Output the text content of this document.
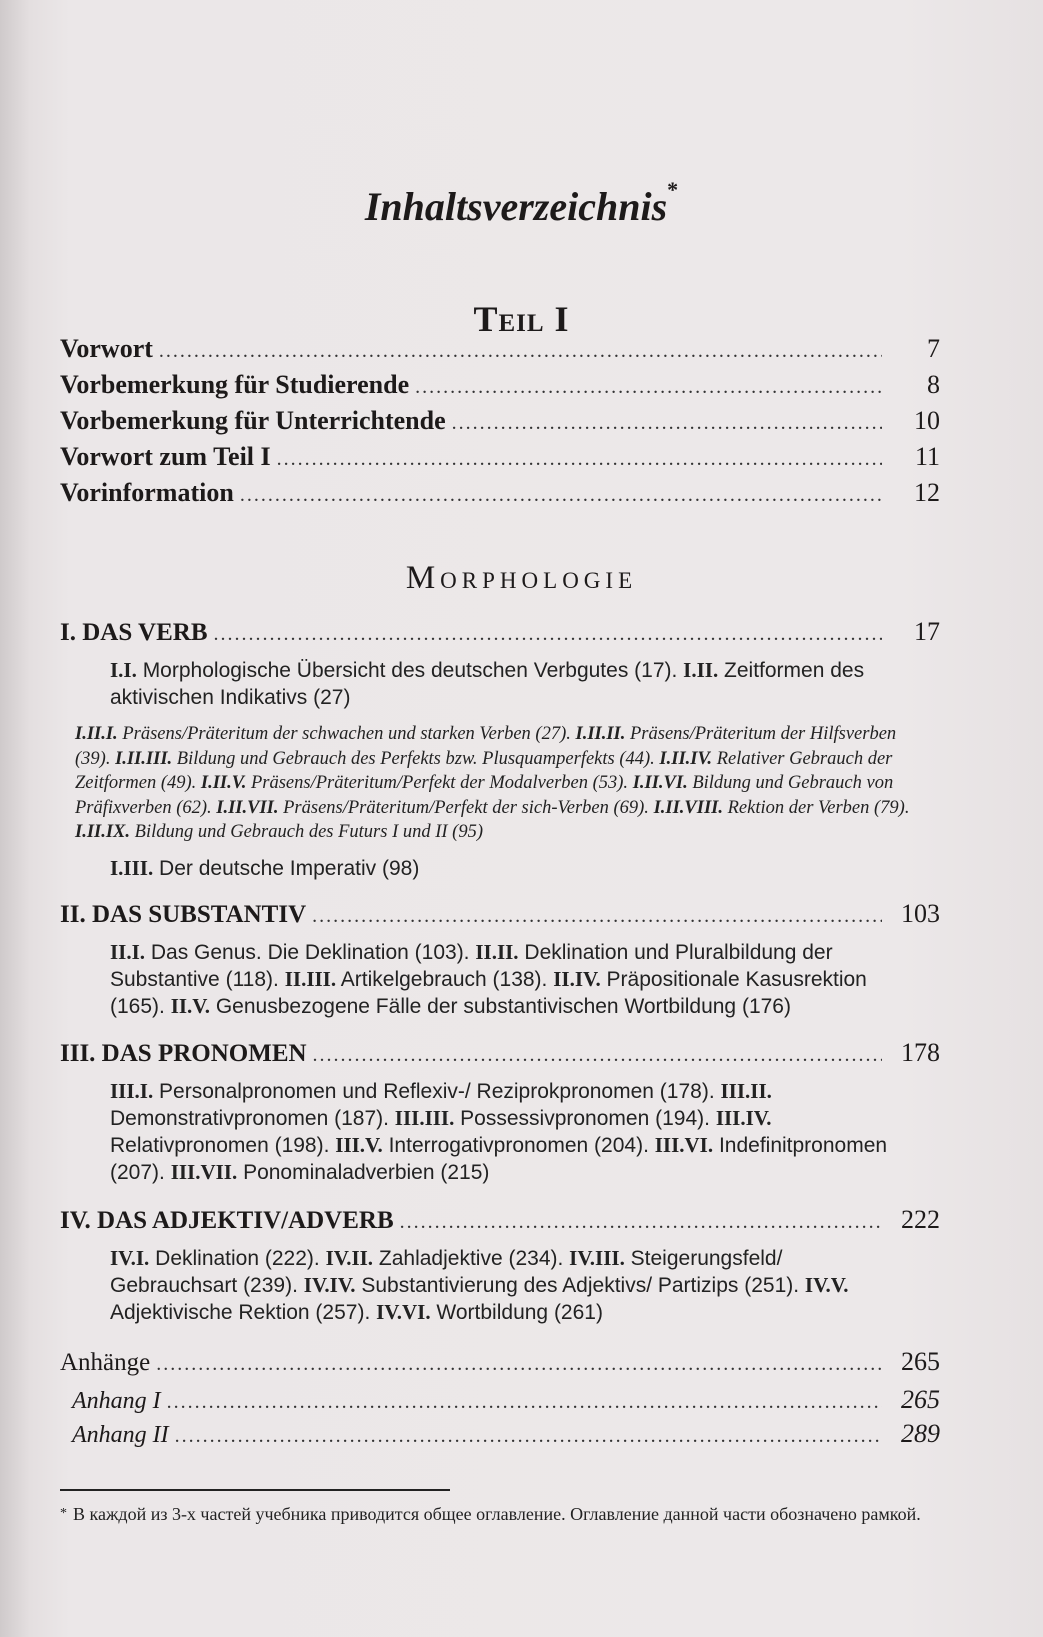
Inhaltsverzeichnis*
Teil I
Vorwort .....	7
Vorbemerkung für Studierende .....	8
Vorbemerkung für Unterrichtende .....	10
Vorwort zum Teil I .....	11
Vorinformation .....	12
Morphologie
I. DAS VERB .....	17
I.I. Morphologische Übersicht des deutschen Verbgutes (17). I.II. Zeitformen des aktivischen Indikativs (27)
I.II.I. Präsens/Präteritum der schwachen und starken Verben (27). I.II.II. Präsens/Präteritum der Hilfsverben (39). I.II.III. Bildung und Gebrauch des Perfekts bzw. Plusquamperfekts (44). I.II.IV. Relativer Gebrauch der Zeitformen (49). I.II.V. Präsens/Präteritum/Perfekt der Modalverben (53). I.II.VI. Bildung und Gebrauch von Präfixverben (62). I.II.VII. Präsens/Präteritum/Perfekt der sich-Verben (69). I.II.VIII. Rektion der Verben (79). I.II.IX. Bildung und Gebrauch des Futurs I und II (95)
I.III. Der deutsche Imperativ (98)
II. DAS SUBSTANTIV .....	103
II.I. Das Genus. Die Deklination (103). II.II. Deklination und Pluralbildung der Substantive (118). II.III. Artikelgebrauch (138). II.IV. Präpositionale Kasusrektion (165). II.V. Genusbezogene Fälle der substantivischen Wortbildung (176)
III. DAS PRONOMEN .....	178
III.I. Personalpronomen und Reflexiv-/ Reziprokpronomen (178). III.II. Demonstrativpronomen (187). III.III. Possessivpronomen (194). III.IV. Relativpronomen (198). III.V. Interrogativpronomen (204). III.VI. Indefinitpronomen (207). III.VII. Ponominaladverbien (215)
IV. DAS ADJEKTIV/ADVERB .....	222
IV.I. Deklination (222). IV.II. Zahladjektive (234). IV.III. Steigerungsfeld/ Gebrauchsart (239). IV.IV. Substantivierung des Adjektivs/ Partizips (251). IV.V. Adjektivische Rektion (257). IV.VI. Wortbildung (261)
Anhänge .....	265
Anhang I .....	265
Anhang II .....	289
* В каждой из 3-х частей учебника приводится общее оглавление. Оглавление данной части обозначено рамкой.
